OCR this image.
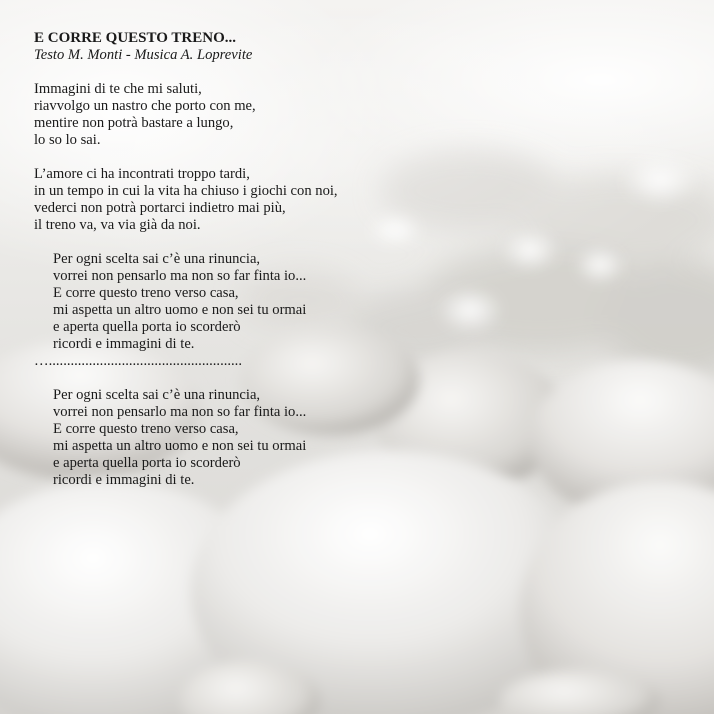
E CORRE QUESTO TRENO...

Testo M. Monti - Musica A. Loprevite

Immagini di te che mi saluti,
riavvolgo un nastro che porto con me,
mentire non potrà bastare a lungo,
lo so lo sai.
L’amore ci ha incontrati troppo tardi,
in un tempo in cui la vita ha chiuso i giochi con noi,
vederci non potrà portarci indietro mai più,
il treno va, va via già da noi.
Per ogni scelta sai c’è una rinuncia,
vorrei non pensarlo ma non so far finta io...
E corre questo treno verso casa,
mi aspetta un altro uomo e non sei tu ormai
e aperta quella porta io scorderò
ricordi e immagini di te.
….....................................................
Per ogni scelta sai c’è una rinuncia,
vorrei non pensarlo ma non so far finta io...
E corre questo treno verso casa,
mi aspetta un altro uomo e non sei tu ormai
e aperta quella porta io scorderò
ricordi e immagini di te.
